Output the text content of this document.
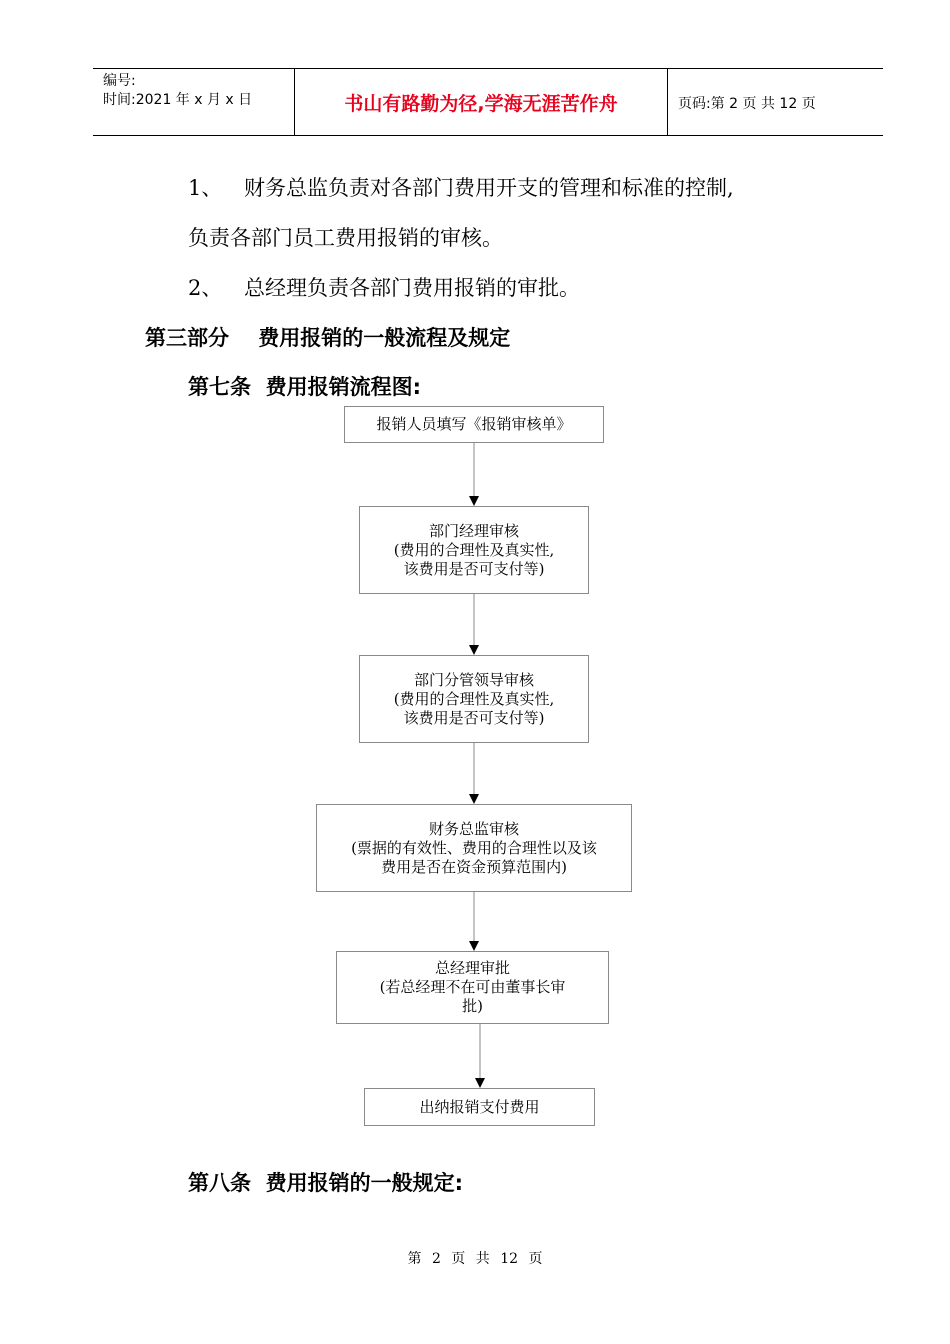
编号:
时间:2021 年 x 月 x 日	书山有路勤为径,学海无涯苦作舟	页码:第 2 页 共 12 页
1、 财务总监负责对各部门费用开支的管理和标准的控制,
负责各部门员工费用报销的审核。
2、 总经理负责各部门费用报销的审批。
第三部分    费用报销的一般流程及规定
第七条  费用报销流程图:
报销人员填写《报销审核单》
部门经理审核
(费用的合理性及真实性,
该费用是否可支付等)
部门分管领导审核
(费用的合理性及真实性,
该费用是否可支付等)
财务总监审核
(票据的有效性、费用的合理性以及该
费用是否在资金预算范围内)
总经理审批
(若总经理不在可由董事长审
批)
出纳报销支付费用
第八条  费用报销的一般规定:
第 2 页 共 12 页
